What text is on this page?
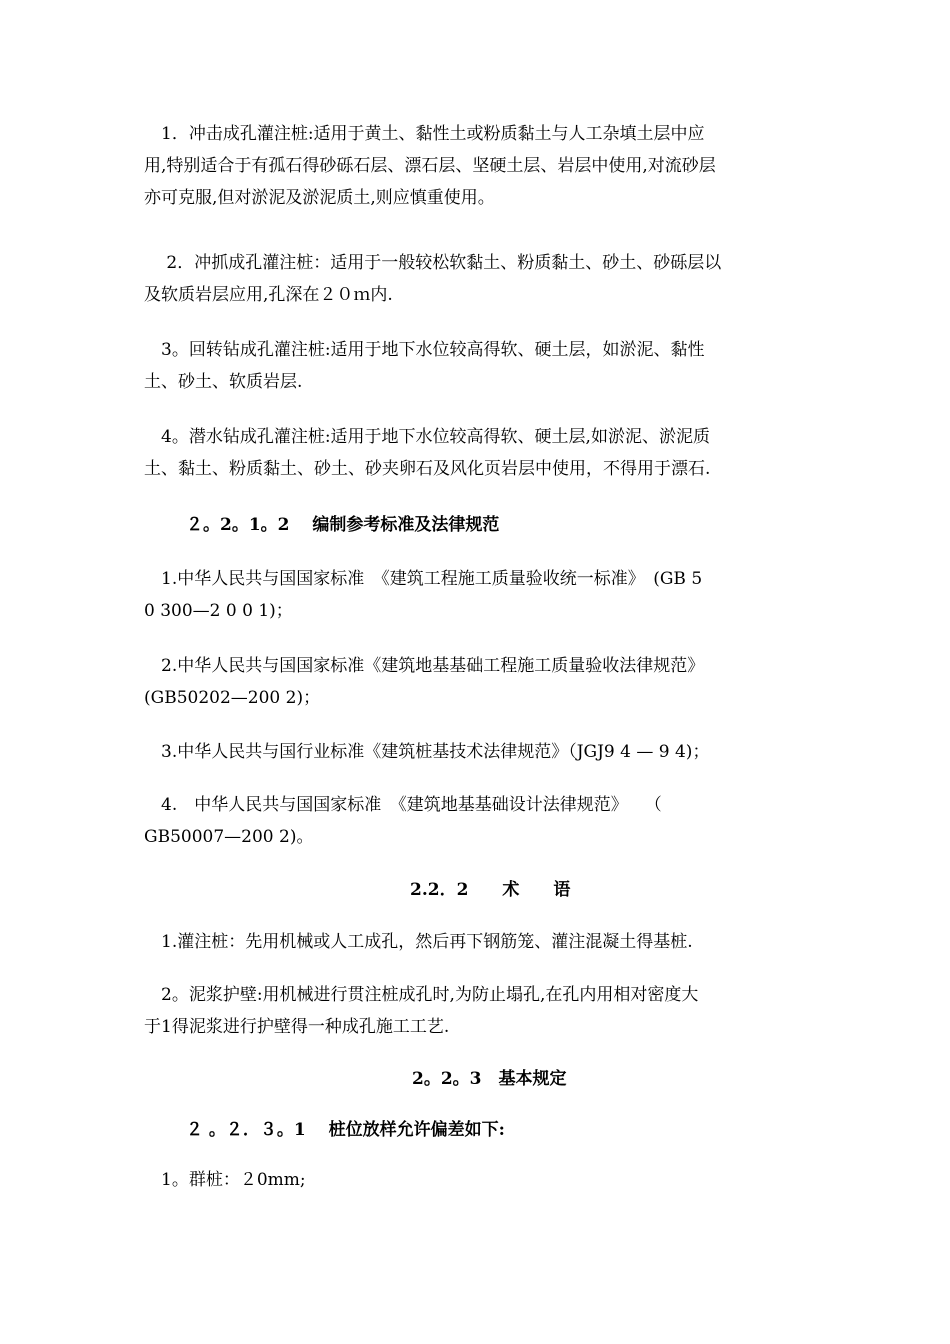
　1．冲击成孔灌注桩:适用于黄土、黏性土或粉质黏土与人工杂填土层中应
用,特别适合于有孤石得砂砾石层、漂石层、坚硬土层、岩层中使用,对流砂层
亦可克服,但对淤泥及淤泥质土,则应慎重使用。
　 2．冲抓成孔灌注桩：适用于一般较松软黏土、粉质黏土、砂土、砂砾层以
及软质岩层应用,孔深在２０ｍ内.
　3。回转钻成孔灌注桩:适用于地下水位较高得软、硬土层，如淤泥、黏性
土、砂土、软质岩层.
　4。潜水钻成孔灌注桩:适用于地下水位较高得软、硬土层,如淤泥、淤泥质
土、黏土、粉质黏土、砂土、砂夹卵石及风化页岩层中使用，不得用于漂石.
２。2。1。2　 编制参考标准及法律规范
　1.中华人民共与国国家标准　《建筑工程施工质量验收统一标准》　(GB 5
0 300—2 0 0 1)；
　2.中华人民共与国国家标准《建筑地基基础工程施工质量验收法律规范》
(GB50202—200 2)；
　3.中华人民共与国行业标准《建筑桩基技术法律规范》（JGJ9 4 — 9 4)；
　4.　中华人民共与国国家标准　《建筑地基基础设计法律规范》　　（
GB50007—200 2)。
2.2．2　　术　　语
　1.灌注桩：先用机械或人工成孔，然后再下钢筋笼、灌注混凝土得基桩.
　2。泥浆护壁:用机械进行贯注桩成孔时,为防止塌孔,在孔内用相对密度大
于1得泥浆进行护壁得一种成孔施工工艺.
2。2。3　基本规定
２ 。２．３。1　 桩位放样允许偏差如下:
　1。群桩：２0mm;
